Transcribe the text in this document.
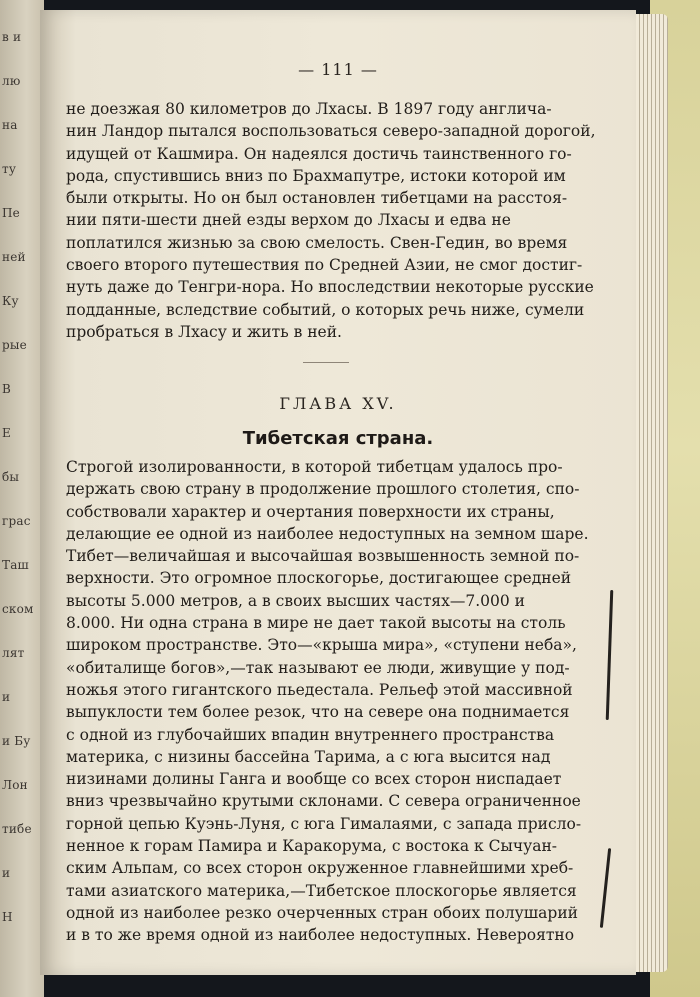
в и
лю
на
ту
Пе
ней
Ку
рые
В
Е
бы
грас
Таш
ском
лят
и
и Бу
Лон
тибе
и
Н
— 111 —
не доезжая 80 километров до Лхасы. В 1897 году англича-
нин Ландор пытался воспользоваться северо-западной дорогой,
идущей от Кашмира. Он надеялся достичь таинственного го-
рода, спустившись вниз по Брахмапутре, истоки которой им
были открыты. Но он был остановлен тибетцами на расстоя-
нии пяти-шести дней езды верхом до Лхасы и едва не
поплатился жизнью за свою смелость. Свен-Гедин, во время
своего второго путешествия по Средней Азии, не смог достиг-
нуть даже до Тенгри-нора. Но впоследствии некоторые русские
подданные, вследствие событий, о которых речь ниже, сумели
пробраться в Лхасу и жить в ней.
ГЛАВА XV.
Тибетская страна.
Строгой изолированности, в которой тибетцам удалось про-
держать свою страну в продолжение прошлого столетия, спо-
собствовали характер и очертания поверхности их страны,
делающие ее одной из наиболее недоступных на земном шаре.
Тибет—величайшая и высочайшая возвышенность земной по-
верхности. Это огромное плоскогорье, достигающее средней
высоты 5.000 метров, а в своих высших частях—7.000 и
8.000. Ни одна страна в мире не дает такой высоты на столь
широком пространстве. Это—«крыша мира», «ступени неба»,
«обиталище богов»,—так называют ее люди, живущие у под-
ножья этого гигантского пьедестала. Рельеф этой массивной
выпуклости тем более резок, что на севере она поднимается
с одной из глубочайших впадин внутреннего пространства
материка, с низины бассейна Тарима, а с юга высится над
низинами долины Ганга и вообще со всех сторон ниспадает
вниз чрезвычайно крутыми склонами. С севера ограниченное
горной цепью Куэнь-Луня, с юга Гималаями, с запада присло-
ненное к горам Памира и Каракорума, с востока к Сычуан-
ским Альпам, со всех сторон окруженное главнейшими хреб-
тами азиатского материка,—Тибетское плоскогорье является
одной из наиболее резко очерченных стран обоих полушарий
и в то же время одной из наиболее недоступных. Невероятно
